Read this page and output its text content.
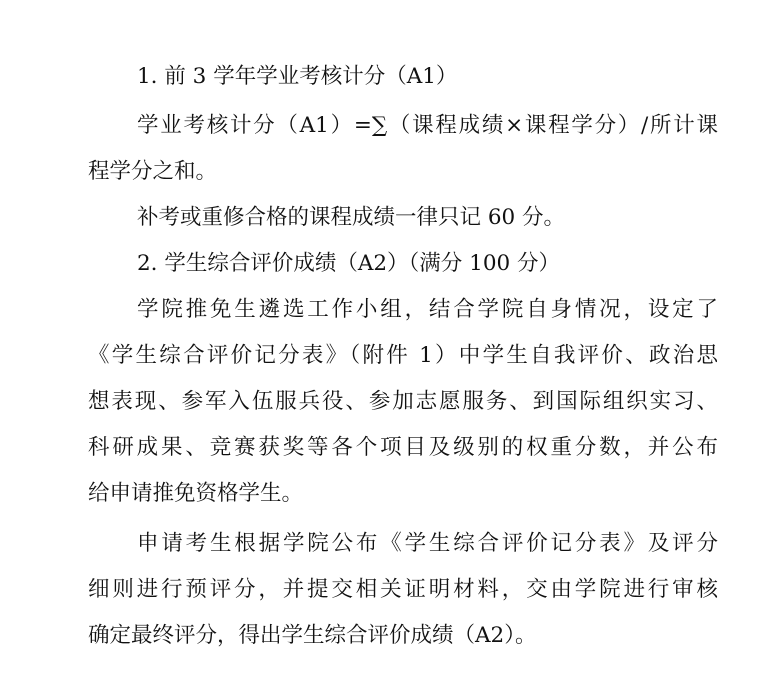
1. 前 3 学年学业考核计分（A1）
学业考核计分（A1）=∑（课程成绩×课程学分）/所计课
程学分之和。
补考或重修合格的课程成绩一律只记 60 分。
2. 学生综合评价成绩（A2）（满分 100 分）
学院推免生遴选工作小组，结合学院自身情况，设定了
《学生综合评价记分表》（附件 1）中学生自我评价、政治思
想表现、参军入伍服兵役、参加志愿服务、到国际组织实习、
科研成果、竞赛获奖等各个项目及级别的权重分数，并公布
给申请推免资格学生。
申请考生根据学院公布《学生综合评价记分表》及评分
细则进行预评分，并提交相关证明材料，交由学院进行审核
确定最终评分，得出学生综合评价成绩（A2）。
